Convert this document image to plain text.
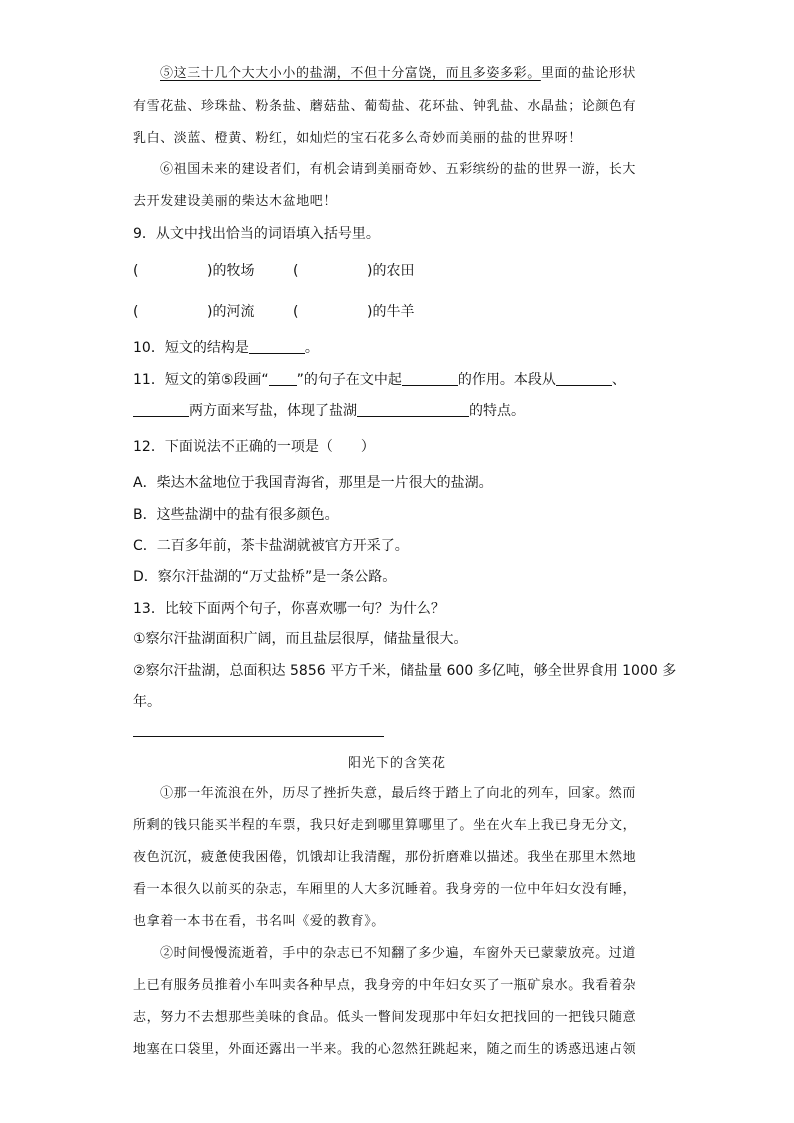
⑤这三十几个大大小小的盐湖，不但十分富饶，而且多姿多彩。里面的盐论形状
有雪花盐、珍珠盐、粉条盐、蘑菇盐、葡萄盐、花环盐、钟乳盐、水晶盐；论颜色有
乳白、淡蓝、橙黄、粉红，如灿烂的宝石花多么奇妙而美丽的盐的世界呀！
⑥祖国未来的建设者们，有机会请到美丽奇妙、五彩缤纷的盐的世界一游，长大
去开发建设美丽的柴达木盆地吧！
9．从文中找出恰当的词语填入括号里。
(	)的牧场	(	)的农田
(	)的河流	(	)的牛羊
10．短文的结构是	。
11．短文的第⑤段画“ ”的句子在文中起	的作用。本段从	、
两方面来写盐，体现了盐湖	的特点。
12．下面说法不正确的一项是（　　）
A．柴达木盆地位于我国青海省，那里是一片很大的盐湖。
B．这些盐湖中的盐有很多颜色。
C．二百多年前，茶卡盐湖就被官方开采了。
D．察尔汗盐湖的“万丈盐桥”是一条公路。
13．比较下面两个句子，你喜欢哪一句？为什么？
①察尔汗盐湖面积广阔，而且盐层很厚，储盐量很大。
②察尔汗盐湖，总面积达 5856 平方千米，储盐量 600 多亿吨，够全世界食用 1000 多
年。
阳光下的含笑花
①那一年流浪在外，历尽了挫折失意，最后终于踏上了向北的列车，回家。然而
所剩的钱只能买半程的车票，我只好走到哪里算哪里了。坐在火车上我已身无分文，
夜色沉沉，疲惫使我困倦，饥饿却让我清醒，那份折磨难以描述。我坐在那里木然地
看一本很久以前买的杂志，车厢里的人大多沉睡着。我身旁的一位中年妇女没有睡，
也拿着一本书在看，书名叫《爱的教育》。
②时间慢慢流逝着，手中的杂志已不知翻了多少遍，车窗外天已蒙蒙放亮。过道
上已有服务员推着小车叫卖各种早点，我身旁的中年妇女买了一瓶矿泉水。我看着杂
志，努力不去想那些美味的食品。低头一瞥间发现那中年妇女把找回的一把钱只随意
地塞在口袋里，外面还露出一半来。我的心忽然狂跳起来，随之而生的诱惑迅速占领
